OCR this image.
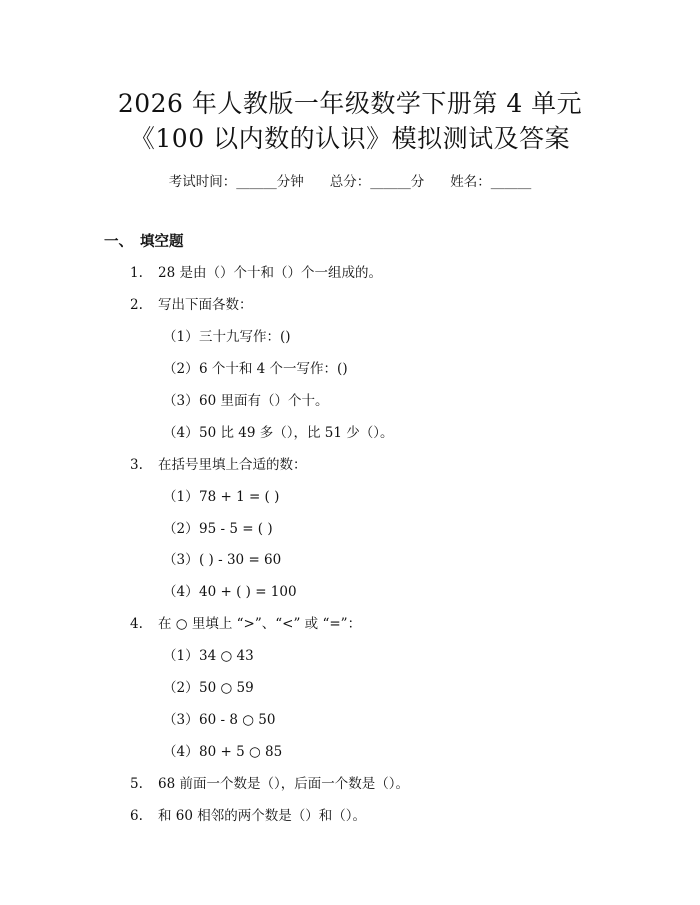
2026 年人教版一年级数学下册第 4 单元
《100 以内数的认识》模拟测试及答案
考试时间：______分钟 总分：______分 姓名：______
一、 填空题
1. 28 是由（）个十和（）个一组成的。
2. 写出下面各数：
（1）三十九写作：()
（2）6 个十和 4 个一写作：()
（3）60 里面有（）个十。
（4）50 比 49 多（），比 51 少（）。
3. 在括号里填上合适的数：
（1）78 + 1 = ( )
（2）95 - 5 = ( )
（3）( ) - 30 = 60
（4）40 + ( ) = 100
4. 在 ○ 里填上 “>”、“<” 或 “=”：
（1）34 ○ 43
（2）50 ○ 59
（3）60 - 8 ○ 50
（4）80 + 5 ○ 85
5. 68 前面一个数是（），后面一个数是（）。
6. 和 60 相邻的两个数是（）和（）。
